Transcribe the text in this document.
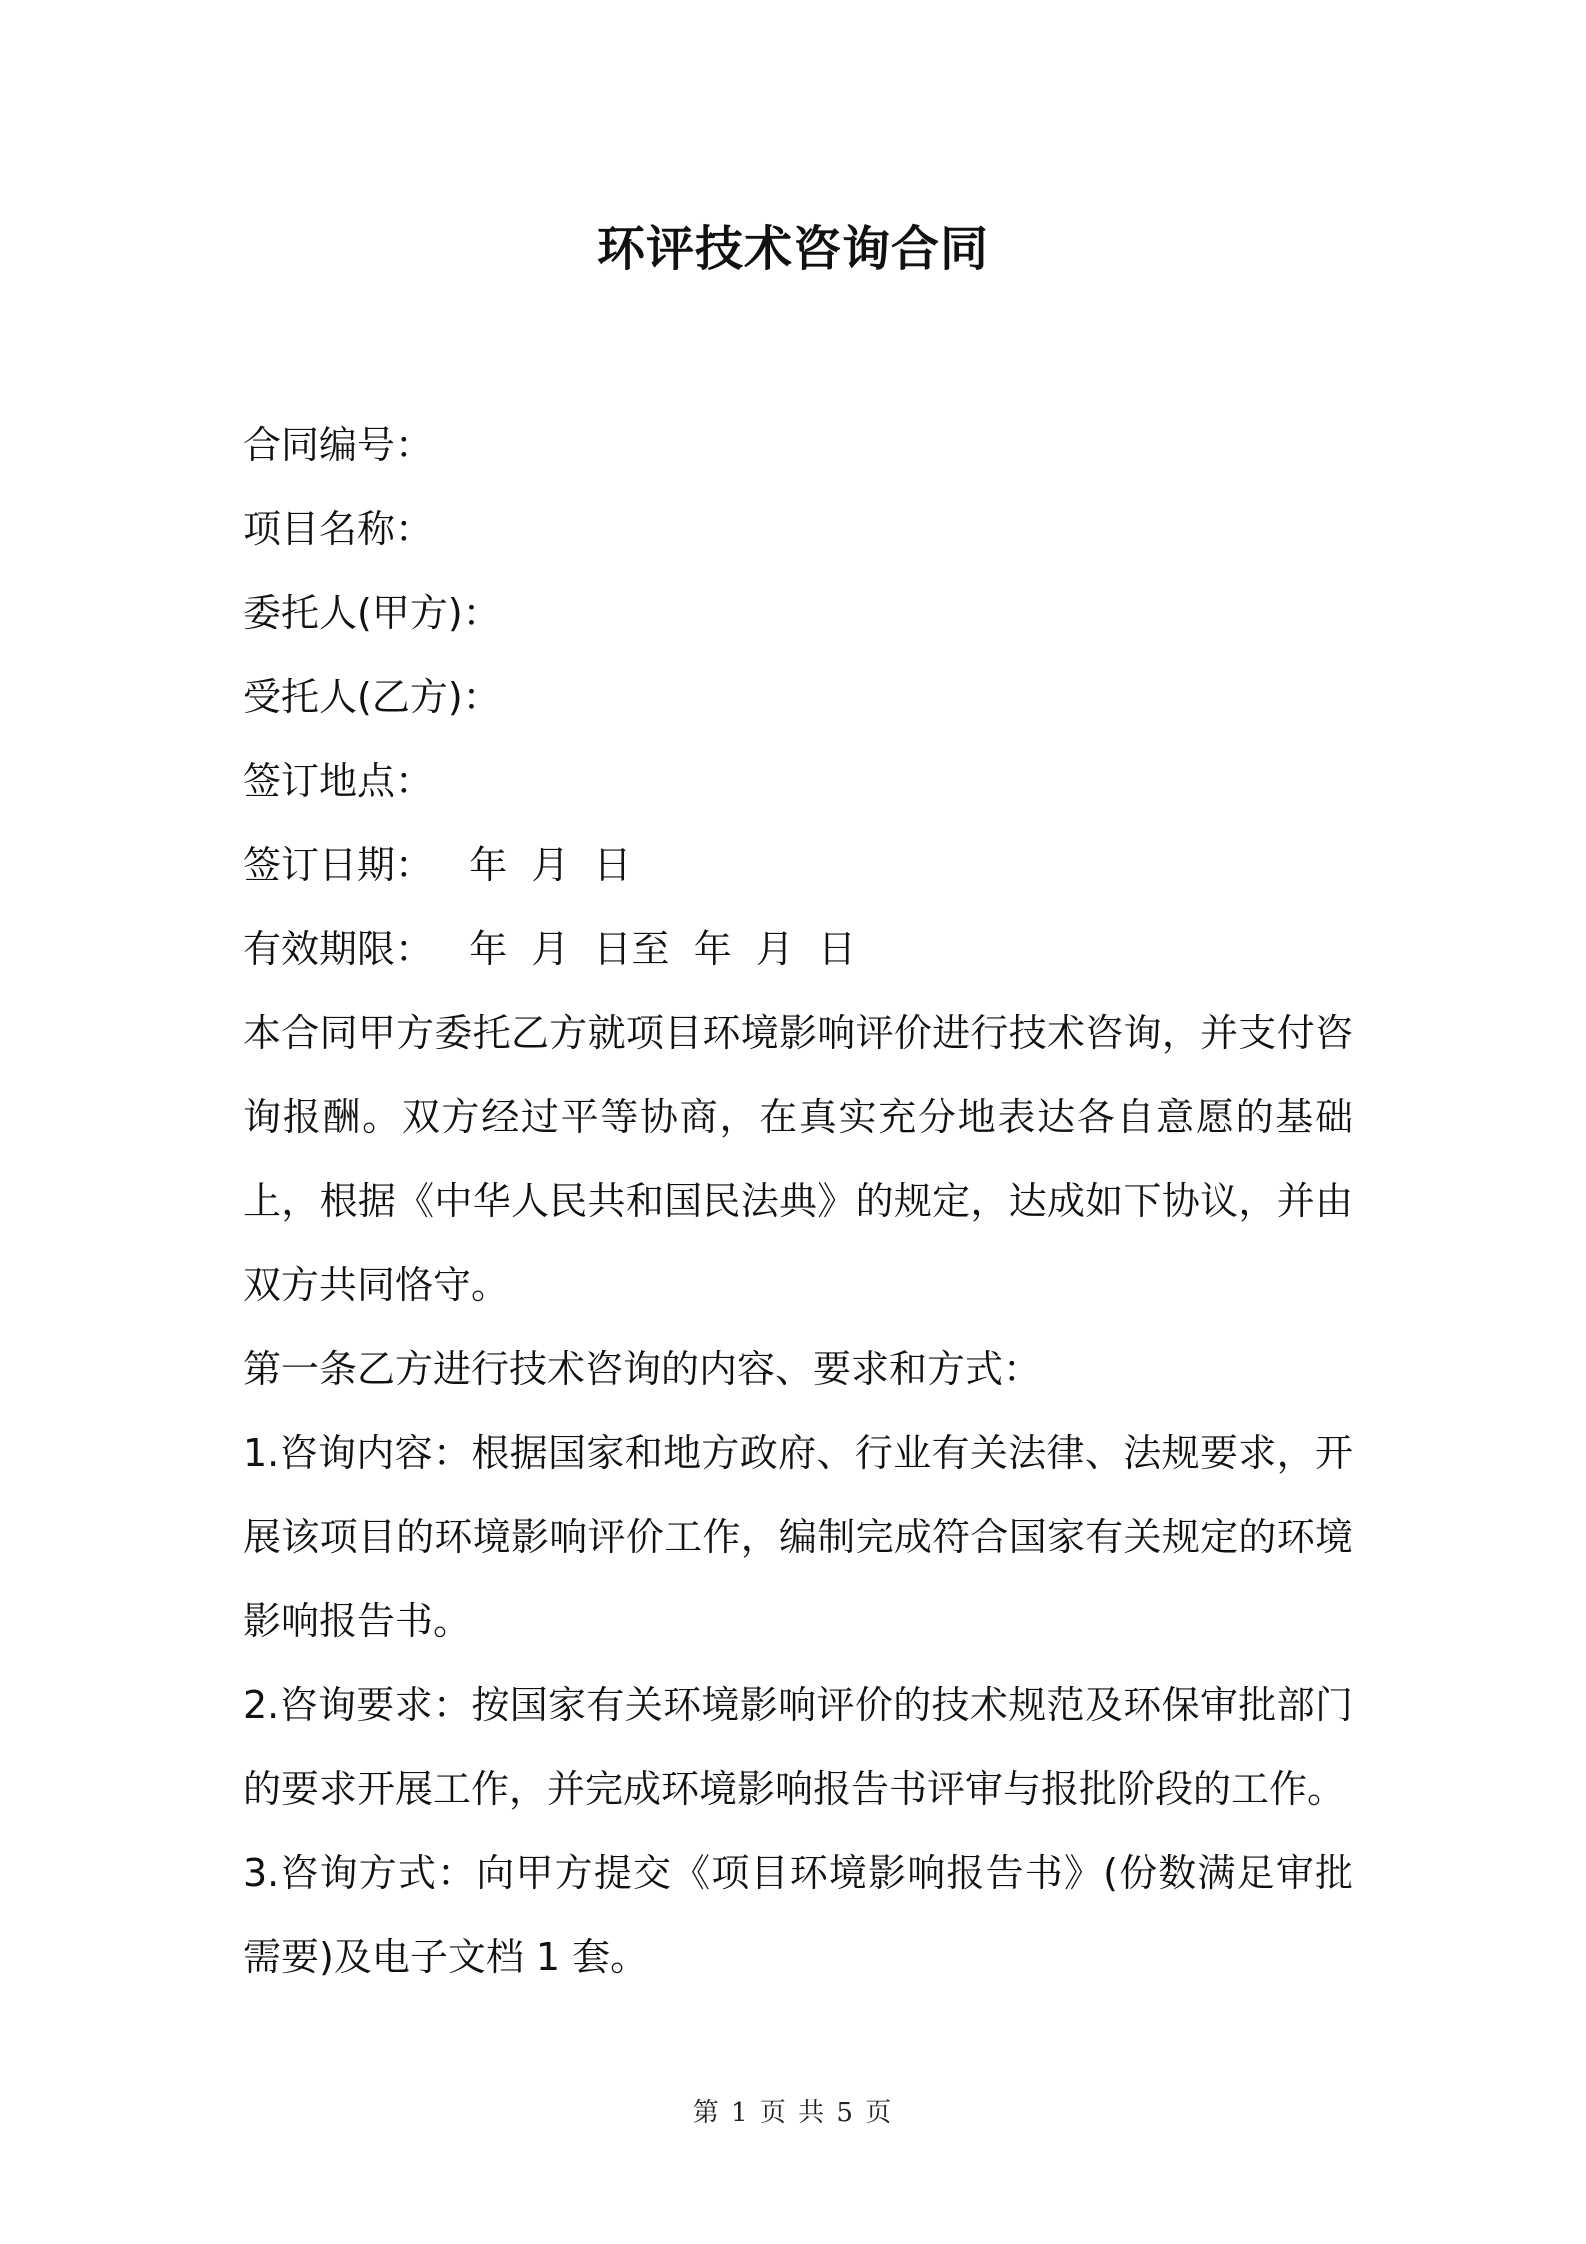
环评技术咨询合同
合同编号：
项目名称：
委托人(甲方)：
受托人(乙方)：
签订地点：
签订日期：   年  月  日
有效期限：   年  月  日至  年  月  日

本合同甲方委托乙方就项目环境影响评价进行技术咨询，并支付咨询报酬。双方经过平等协商，在真实充分地表达各自意愿的基础上，根据《中华人民共和国民法典》的规定，达成如下协议，并由双方共同恪守。

第一条乙方进行技术咨询的内容、要求和方式：

1.咨询内容：根据国家和地方政府、行业有关法律、法规要求，开展该项目的环境影响评价工作，编制完成符合国家有关规定的环境影响报告书。

2.咨询要求：按国家有关环境影响评价的技术规范及环保审批部门的要求开展工作，并完成环境影响报告书评审与报批阶段的工作。

3.咨询方式：向甲方提交《项目环境影响报告书》(份数满足审批需要)及电子文档 1 套。

第 1 页 共 5 页
